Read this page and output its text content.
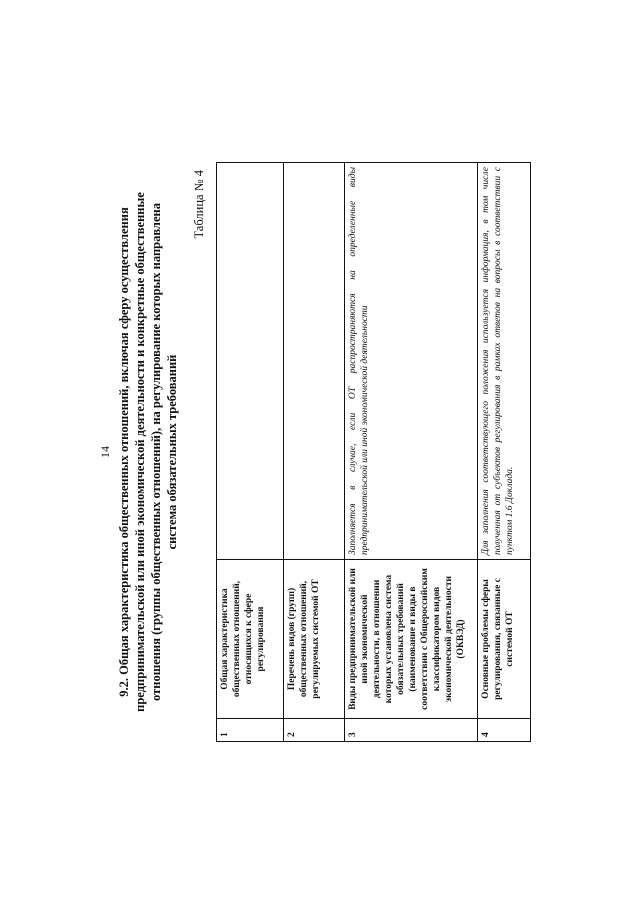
14 9.2. Общая характеристика общественных отношений, включая сферу осуществления предпринимательской или иной экономической деятельности и конкретные общественные отношения (группы общественных отношений), на регулирование которых направлена система обязательных требований
Таблица № 4
1	Общая характеристика общественных отношений, относящихся к сфере регулирования	
2	Перечень видов (групп) общественных отношений, регулируемых системой ОТ	
3	Виды предпринимательской или иной экономической деятельности, в отношении которых установлена система обязательных требований (наименование и виды в соответствии с Общероссийским классификатором видов экономической деятельности (ОКВЭД)	Заполняется в случае, если ОТ распространяются на определенные виды предпринимательской или иной экономической деятельности
4	Основные проблемы сферы регулирования, связанные с системой ОТ	Для заполнения соответствующего положения используется информация, в том числе полученная от субъектов регулирования в рамках ответов на вопросы в соответствии с пунктом 1.6 Доклада.
